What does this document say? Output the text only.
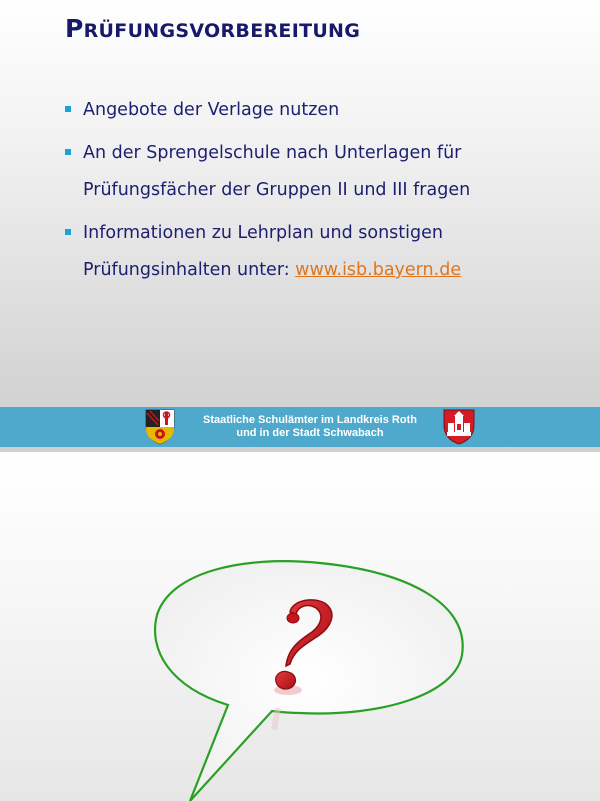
PRÜFUNGSVORBEREITUNG
Angebote der Verlage nutzen
An der Sprengelschule nach Unterlagen für
Prüfungsfächer der Gruppen II und III fragen
Informationen zu Lehrplan und sonstigen
Prüfungsinhalten unter: www.isb.bayern.de
Staatliche Schulämter im Landkreis Roth
und in der Stadt Schwabach
